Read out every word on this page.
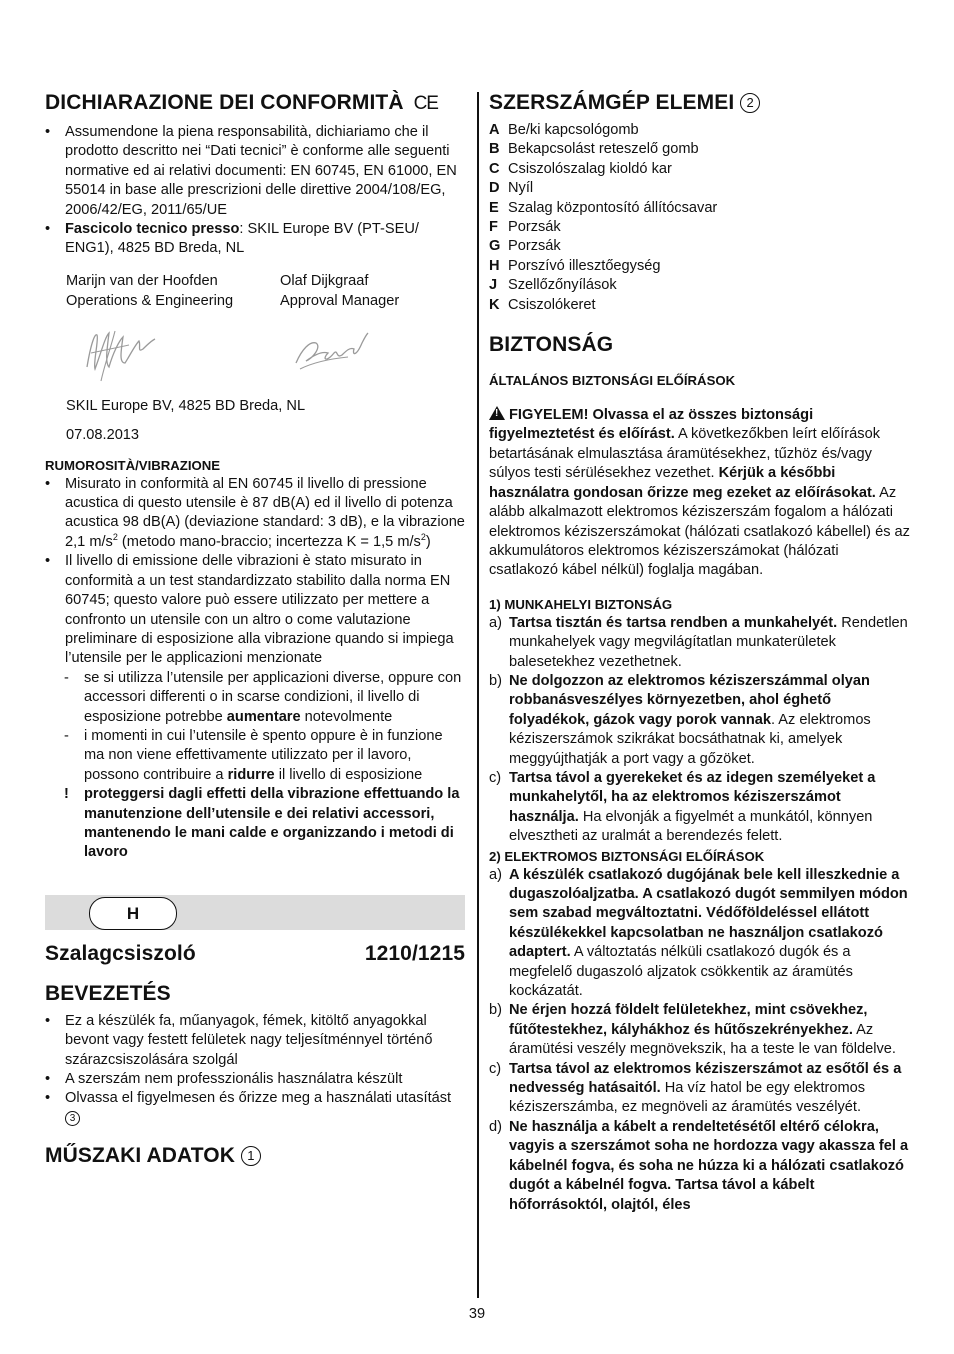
DICHIARAZIONE DEI CONFORMITÀ CE
• Assumendone la piena responsabilità, dichiariamo che il prodotto descritto nei “Dati tecnici” è conforme alle seguenti normative ed ai relativi documenti: EN 60745, EN 61000, EN 55014 in base alle prescrizioni delle direttive 2004/108/EG, 2006/42/EG, 2011/65/UE
• Fascicolo tecnico presso: SKIL Europe BV (PT-SEU/ ENG1), 4825 BD Breda, NL
Marijn van der Hoofden
Operations & Engineering
Olaf Dijkgraaf
Approval Manager
SKIL Europe BV, 4825 BD Breda, NL
07.08.2013
RUMOROSITÀ/VIBRAZIONE
• Misurato in conformità al EN 60745 il livello di pressione acustica di questo utensile è 87 dB(A) ed il livello di potenza acustica 98 dB(A) (deviazione standard: 3 dB), e la vibrazione 2,1 $m/s^2$ (metodo mano-braccio; incertezza K = 1,5 $m/s^2$)
• Il livello di emissione delle vibrazioni è stato misurato in conformità a un test standardizzato stabilito dalla norma EN 60745; questo valore può essere utilizzato per mettere a confronto un utensile con un altro o come valutazione preliminare di esposizione alla vibrazione quando si impiega l’utensile per le applicazioni menzionate
- se si utilizza l’utensile per applicazioni diverse, oppure con accessori differenti o in scarse condizioni, il livello di esposizione potrebbe aumentare notevolmente
- i momenti in cui l’utensile è spento oppure è in funzione ma non viene effettivamente utilizzato per il lavoro, possono contribuire a ridurre il livello di esposizione
! proteggersi dagli effetti della vibrazione effettuando la manutenzione dell’utensile e dei relativi accessori, mantenendo le mani calde e organizzando i metodi di lavoro
H
Szalagcsiszoló	1210/1215
BEVEZETÉS
• Ez a készülék fa, műanyagok, fémek, kitöltő anyagokkal bevont vagy festett felületek nagy teljesítménnyel történő szárazcsiszolására szolgál
• A szerszám nem professzionális használatra készült
• Olvassa el figyelmesen és őrizze meg a használati utasítást 3
MŰSZAKI ADATOK 1
SZERSZÁMGÉP ELEMEI 2
A Be/ki kapcsológomb
B Bekapcsolást reteszelő gomb
C Csiszolószalag kioldó kar
D Nyíl
E Szalag központosító állítócsavar
F Porzsák
G Porzsák
H Porszívó illesztőegység
J Szellőzőnyílások
K Csiszolókeret
BIZTONSÁG
ÁLTALÁNOS BIZTONSÁGI ELŐÍRÁSOK
! FIGYELEM! Olvassa el az összes biztonsági figyelmeztetést és előírást. A következőkben leírt előírások betartásának elmulasztása áramütésekhez, tűzhöz és/vagy súlyos testi sérülésekhez vezethet. Kérjük a későbbi használatra gondosan őrizze meg ezeket az előírásokat. Az alább alkalmazott elektromos kéziszerszám fogalom a hálózati elektromos kéziszerszámokat (hálózati csatlakozó kábellel) és az akkumulátoros elektromos kéziszerszámokat (hálózati csatlakozó kábel nélkül) foglalja magában.
1) MUNKAHELYI BIZTONSÁG
a) Tartsa tisztán és tartsa rendben a munkahelyét. Rendetlen munkahelyek vagy megvilágítatlan munkaterületek balesetekhez vezethetnek.
b) Ne dolgozzon az elektromos kéziszerszámmal olyan robbanásveszélyes környezetben, ahol éghető folyadékok, gázok vagy porok vannak. Az elektromos kéziszerszámok szikrákat bocsáthatnak ki, amelyek meggyújthatják a port vagy a gőzöket.
c) Tartsa távol a gyerekeket és az idegen személyeket a munkahelytől, ha az elektromos kéziszerszámot használja. Ha elvonják a figyelmét a munkától, könnyen elvesztheti az uralmát a berendezés felett.
2) ELEKTROMOS BIZTONSÁGI ELŐÍRÁSOK
a) A készülék csatlakozó dugójának bele kell illeszkednie a dugaszolóaljzatba. A csatlakozó dugót semmilyen módon sem szabad megváltoztatni. Védőföldeléssel ellátott készülékekkel kapcsolatban ne használjon csatlakozó adaptert. A változtatás nélküli csatlakozó dugók és a megfelelő dugaszoló aljzatok csökkentik az áramütés kockázatát.
b) Ne érjen hozzá földelt felületekhez, mint csövekhez, fűtőtestekhez, kályhákhoz és hűtőszekrényekhez. Az áramütési veszély megnövekszik, ha a teste le van földelve.
c) Tartsa távol az elektromos kéziszerszámot az esőtől és a nedvesség hatásaitól. Ha víz hatol be egy elektromos kéziszerszámba, ez megnöveli az áramütés veszélyét.
d) Ne használja a kábelt a rendeltetésétől eltérő célokra, vagyis a szerszámot soha ne hordozza vagy akassza fel a kábelnél fogva, és soha ne húzza ki a hálózati csatlakozó dugót a kábelnél fogva. Tartsa távol a kábelt hőforrásoktól, olajtól, éles
39
